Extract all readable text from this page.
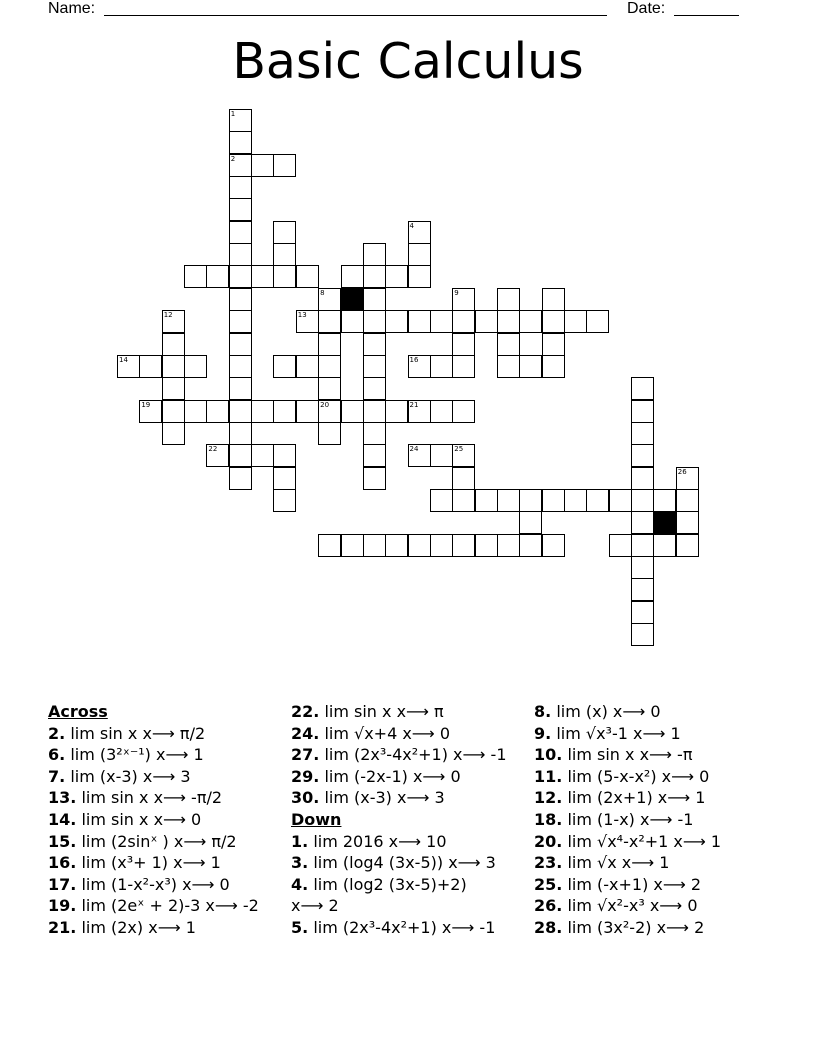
Name:	Date:
Basic Calculus
2
8
13
14	16
19	20	21
22	24	25
1
4
9
12
26
Across
2. lim sin x x⟶ π/2
6. lim (3²ˣ⁻¹) x⟶ 1
7. lim (x-3) x⟶ 3
13. lim sin x x⟶ -π/2
14. lim sin x x⟶ 0
15. lim (2sinˣ ) x⟶ π/2
16. lim (x³+ 1) x⟶ 1
17. lim (1-x²-x³) x⟶ 0
19. lim (2eˣ + 2)-3 x⟶ -2
21. lim (2x) x⟶ 1
22. lim sin x x⟶ π
24. lim √x+4 x⟶ 0
27. lim (2x³-4x²+1) x⟶ -1
29. lim (-2x-1) x⟶ 0
30. lim (x-3) x⟶ 3
Down
1. lim 2016 x⟶ 10
3. lim (log4 (3x-5)) x⟶ 3
4. lim (log2 (3x-5)+2)
x⟶ 2
5. lim (2x³-4x²+1) x⟶ -1
8. lim (x) x⟶ 0
9. lim √x³-1 x⟶ 1
10. lim sin x x⟶ -π
11. lim (5-x-x²) x⟶ 0
12. lim (2x+1) x⟶ 1
18. lim (1-x) x⟶ -1
20. lim √x⁴-x²+1 x⟶ 1
23. lim √x x⟶ 1
25. lim (-x+1) x⟶ 2
26. lim √x²-x³ x⟶ 0
28. lim (3x²-2) x⟶ 2
